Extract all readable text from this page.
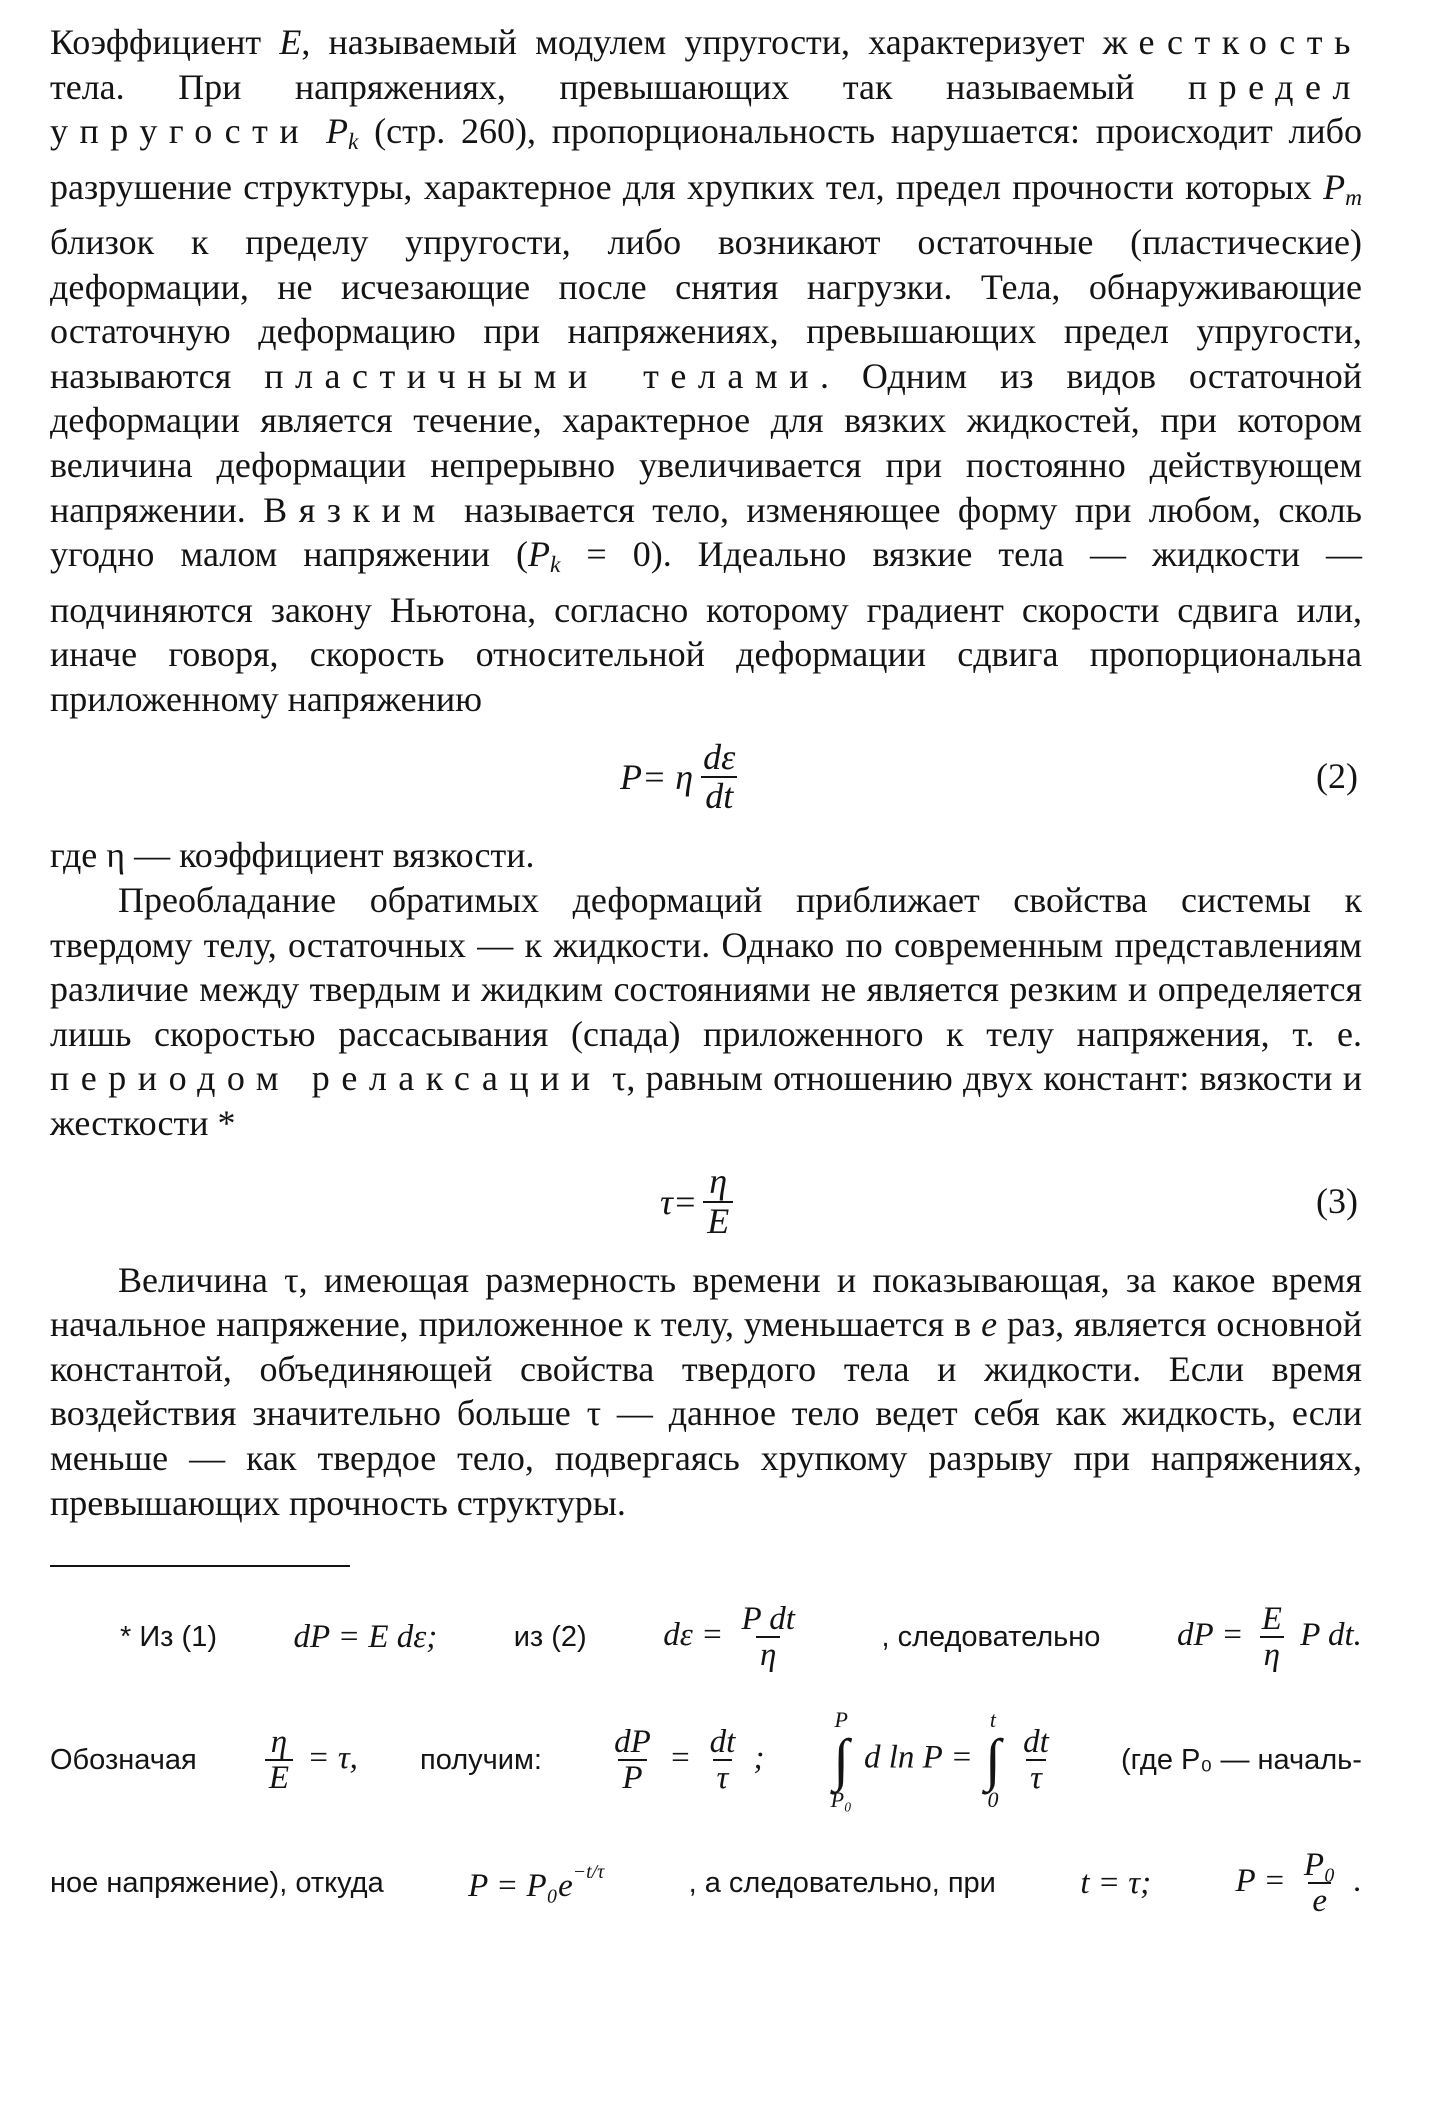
Коэффициент E, называемый модулем упругости, характеризует жесткость тела. При напряжениях, превышающих так называемый предел упругости $P_k$ (стр. 260), пропорциональность нарушается: происходит либо разрушение структуры, характерное для хрупких тел, предел прочности которых $P_m$ близок к пределу упругости, либо возникают остаточные (пластические) деформации, не исчезающие после снятия нагрузки. Тела, обнаруживающие остаточную деформацию при напряжениях, превышающих предел упругости, называются пластичными телами. Одним из видов остаточной деформации является течение, характерное для вязких жидкостей, при котором величина деформации непрерывно увеличивается при постоянно действующем напряжении. Вязким называется тело, изменяющее форму при любом, сколь угодно малом напряжении $(P_k = 0)$. Идеально вязкие тела — жидкости — подчиняются закону Ньютона, согласно которому градиент скорости сдвига или, иначе говоря, скорость относительной деформации сдвига пропорциональна приложенному напряжению

P = η $\frac{d\varepsilon}{dt}$	(2)

где η — коэффициент вязкости.

Преобладание обратимых деформаций приближает свойства системы к твердому телу, остаточных — к жидкости. Однако по современным представлениям различие между твердым и жидким состояниями не является резким и определяется лишь скоростью рассасывания (спада) приложенного к телу напряжения, т. е. периодом релаксации τ, равным отношению двух констант: вязкости и жесткости *

$\tau = \frac{\eta}{E}$	(3)

Величина τ, имеющая размерность времени и показывающая, за какое время начальное напряжение, приложенное к телу, уменьшается в e раз, является основной константой, объединяющей свойства твердого тела и жидкости. Если время воздействия значительно больше τ — данное тело ведет себя как жидкость, если меньше — как твердое тело, подвергаясь хрупкому разрыву при напряжениях, превышающих прочность структуры.

* Из (1) dP = E dε;	из (2) $d\varepsilon = \frac{\text{P dt}}{\eta}$	, следовательно dP = $\frac{E}{\eta}$ P dt.
Обозначая $\frac{\eta}{E} = \tau$, получим: $\frac{dP}{P} = \frac{dt}{\tau}$ ;
P
∫
P₀
d ln P =
t
∫
0

$\frac{dt}{\tau} (где$ P₀ — началь-
ное напряжение), откуда	$P = P_0e^{-t/\tau}$	, а следовательно, при	t = τ;	$P = \frac{\text{P₀}}{e}$ .
